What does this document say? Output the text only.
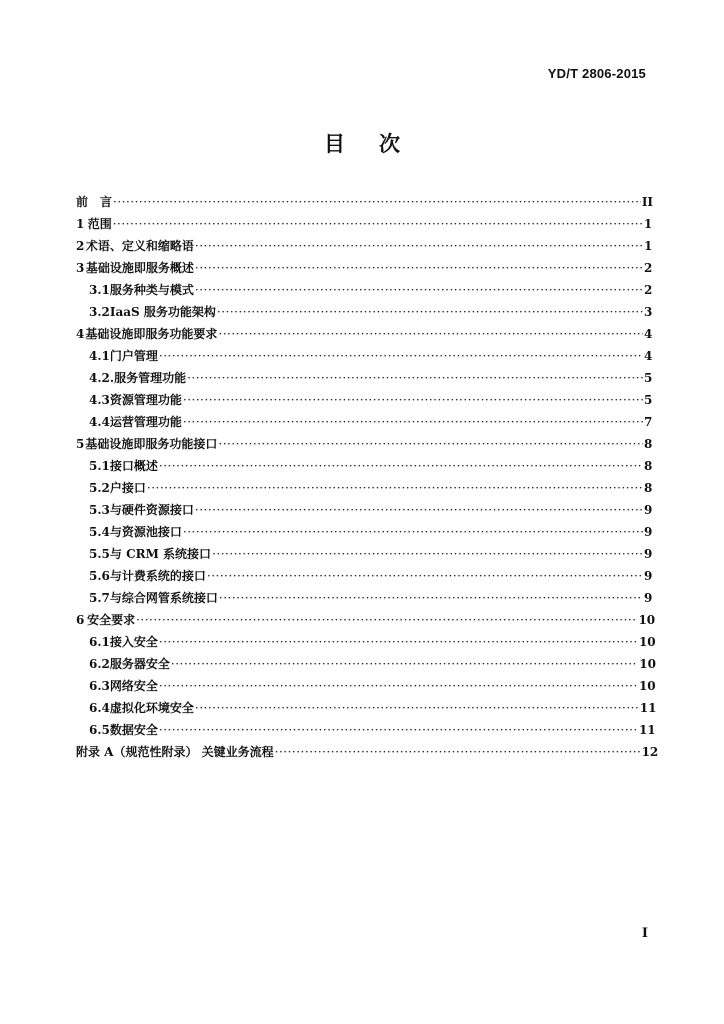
YD/T 2806-2015
目 次
前　言 ·····	II
1 范围 ·····	1
2 术语、定义和缩略语 ·····	1
3 基础设施即服务概述 ·····	2
3.1 服务种类与模式 ·····	2
3.2 IaaS 服务功能架构 ·····	3
4 基础设施即服务功能要求 ·····	4
4.1 门户管理 ·····	4
4.2. 服务管理功能 ·····	5
4.3 资源管理功能 ·····	5
4.4 运营管理功能 ·····	7
5 基础设施即服务功能接口 ·····	8
5.1 接口概述 ·····	8
5.2 户接口 ·····	8
5.3 与硬件资源接口 ·····	9
5.4 与资源池接口 ·····	9
5.5 与 CRM 系统接口 ·····	9
5.6 与计费系统的接口 ·····	9
5.7 与综合网管系统接口 ·····	9
6 安全要求 ·····	10
6.1 接入安全 ·····	10
6.2 服务器安全 ·····	10
6.3 网络安全 ·····	10
6.4 虚拟化环境安全 ·····	11
6.5 数据安全 ·····	11
附录 A（规范性附录） 关键业务流程 ·····	12
I
